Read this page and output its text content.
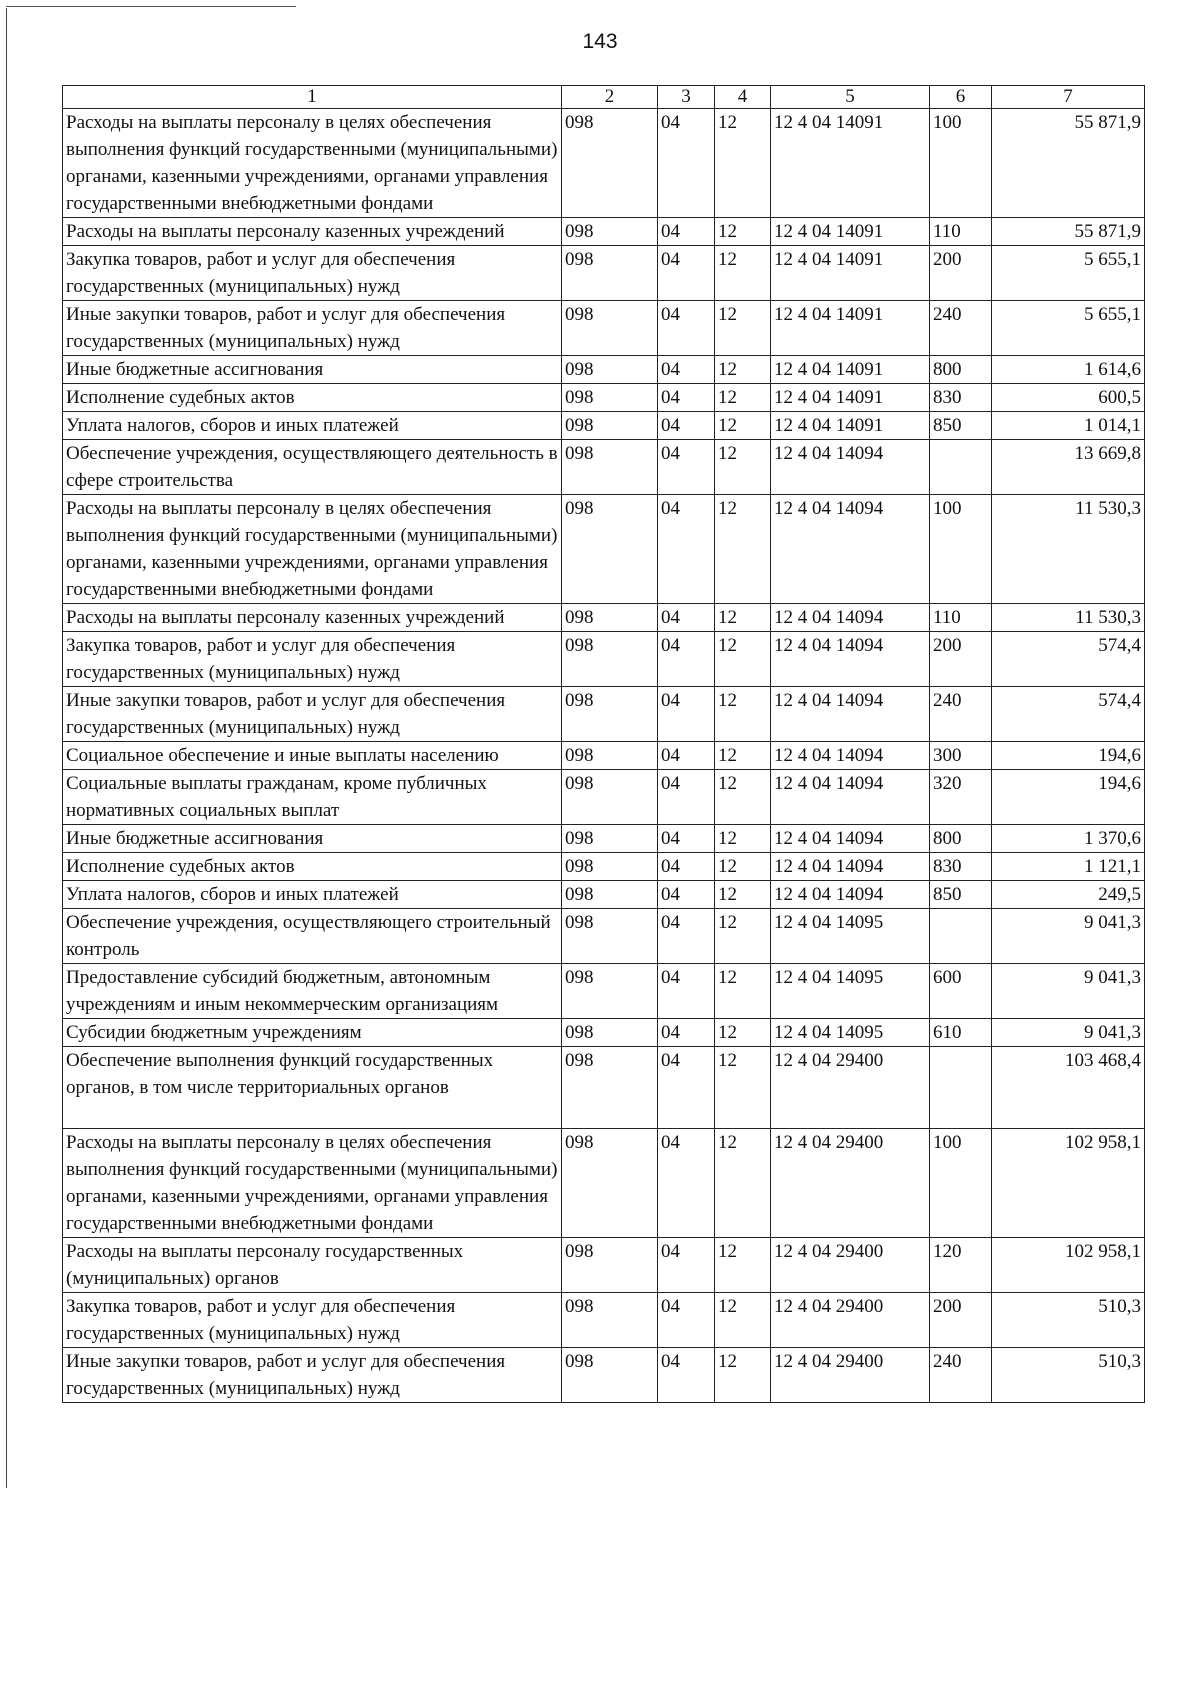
143
1	2	3	4	5	6	7
Расходы на выплаты персоналу в целях обеспечения выполнения функций государственными (муниципальными) органами, казенными учреждениями, органами управления государственными внебюджетными фондами	098	04	12	12 4 04 14091	100	55 871,9
Расходы на выплаты персоналу казенных учреждений	098	04	12	12 4 04 14091	110	55 871,9
Закупка товаров, работ и услуг для обеспечения государственных (муниципальных) нужд	098	04	12	12 4 04 14091	200	5 655,1
Иные закупки товаров, работ и услуг для обеспечения государственных (муниципальных) нужд	098	04	12	12 4 04 14091	240	5 655,1
Иные бюджетные ассигнования	098	04	12	12 4 04 14091	800	1 614,6
Исполнение судебных актов	098	04	12	12 4 04 14091	830	600,5
Уплата налогов, сборов и иных платежей	098	04	12	12 4 04 14091	850	1 014,1
Обеспечение учреждения, осуществляющего деятельность в сфере строительства	098	04	12	12 4 04 14094		13 669,8
Расходы на выплаты персоналу в целях обеспечения выполнения функций государственными (муниципальными) органами, казенными учреждениями, органами управления государственными внебюджетными фондами	098	04	12	12 4 04 14094	100	11 530,3
Расходы на выплаты персоналу казенных учреждений	098	04	12	12 4 04 14094	110	11 530,3
Закупка товаров, работ и услуг для обеспечения государственных (муниципальных) нужд	098	04	12	12 4 04 14094	200	574,4
Иные закупки товаров, работ и услуг для обеспечения государственных (муниципальных) нужд	098	04	12	12 4 04 14094	240	574,4
Социальное обеспечение и иные выплаты населению	098	04	12	12 4 04 14094	300	194,6
Социальные выплаты гражданам, кроме публичных нормативных социальных выплат	098	04	12	12 4 04 14094	320	194,6
Иные бюджетные ассигнования	098	04	12	12 4 04 14094	800	1 370,6
Исполнение судебных актов	098	04	12	12 4 04 14094	830	1 121,1
Уплата налогов, сборов и иных платежей	098	04	12	12 4 04 14094	850	249,5
Обеспечение учреждения, осуществляющего строительный контроль	098	04	12	12 4 04 14095		9 041,3
Предоставление субсидий бюджетным, автономным учреждениям и иным некоммерческим организациям	098	04	12	12 4 04 14095	600	9 041,3
Субсидии бюджетным учреждениям	098	04	12	12 4 04 14095	610	9 041,3
Обеспечение выполнения функций государственных органов, в том числе территориальных органов	098	04	12	12 4 04 29400		103 468,4
Расходы на выплаты персоналу в целях обеспечения выполнения функций государственными (муниципальными) органами, казенными учреждениями, органами управления государственными внебюджетными фондами	098	04	12	12 4 04 29400	100	102 958,1
Расходы на выплаты персоналу государственных (муниципальных) органов	098	04	12	12 4 04 29400	120	102 958,1
Закупка товаров, работ и услуг для обеспечения государственных (муниципальных) нужд	098	04	12	12 4 04 29400	200	510,3
Иные закупки товаров, работ и услуг для обеспечения государственных (муниципальных) нужд	098	04	12	12 4 04 29400	240	510,3
